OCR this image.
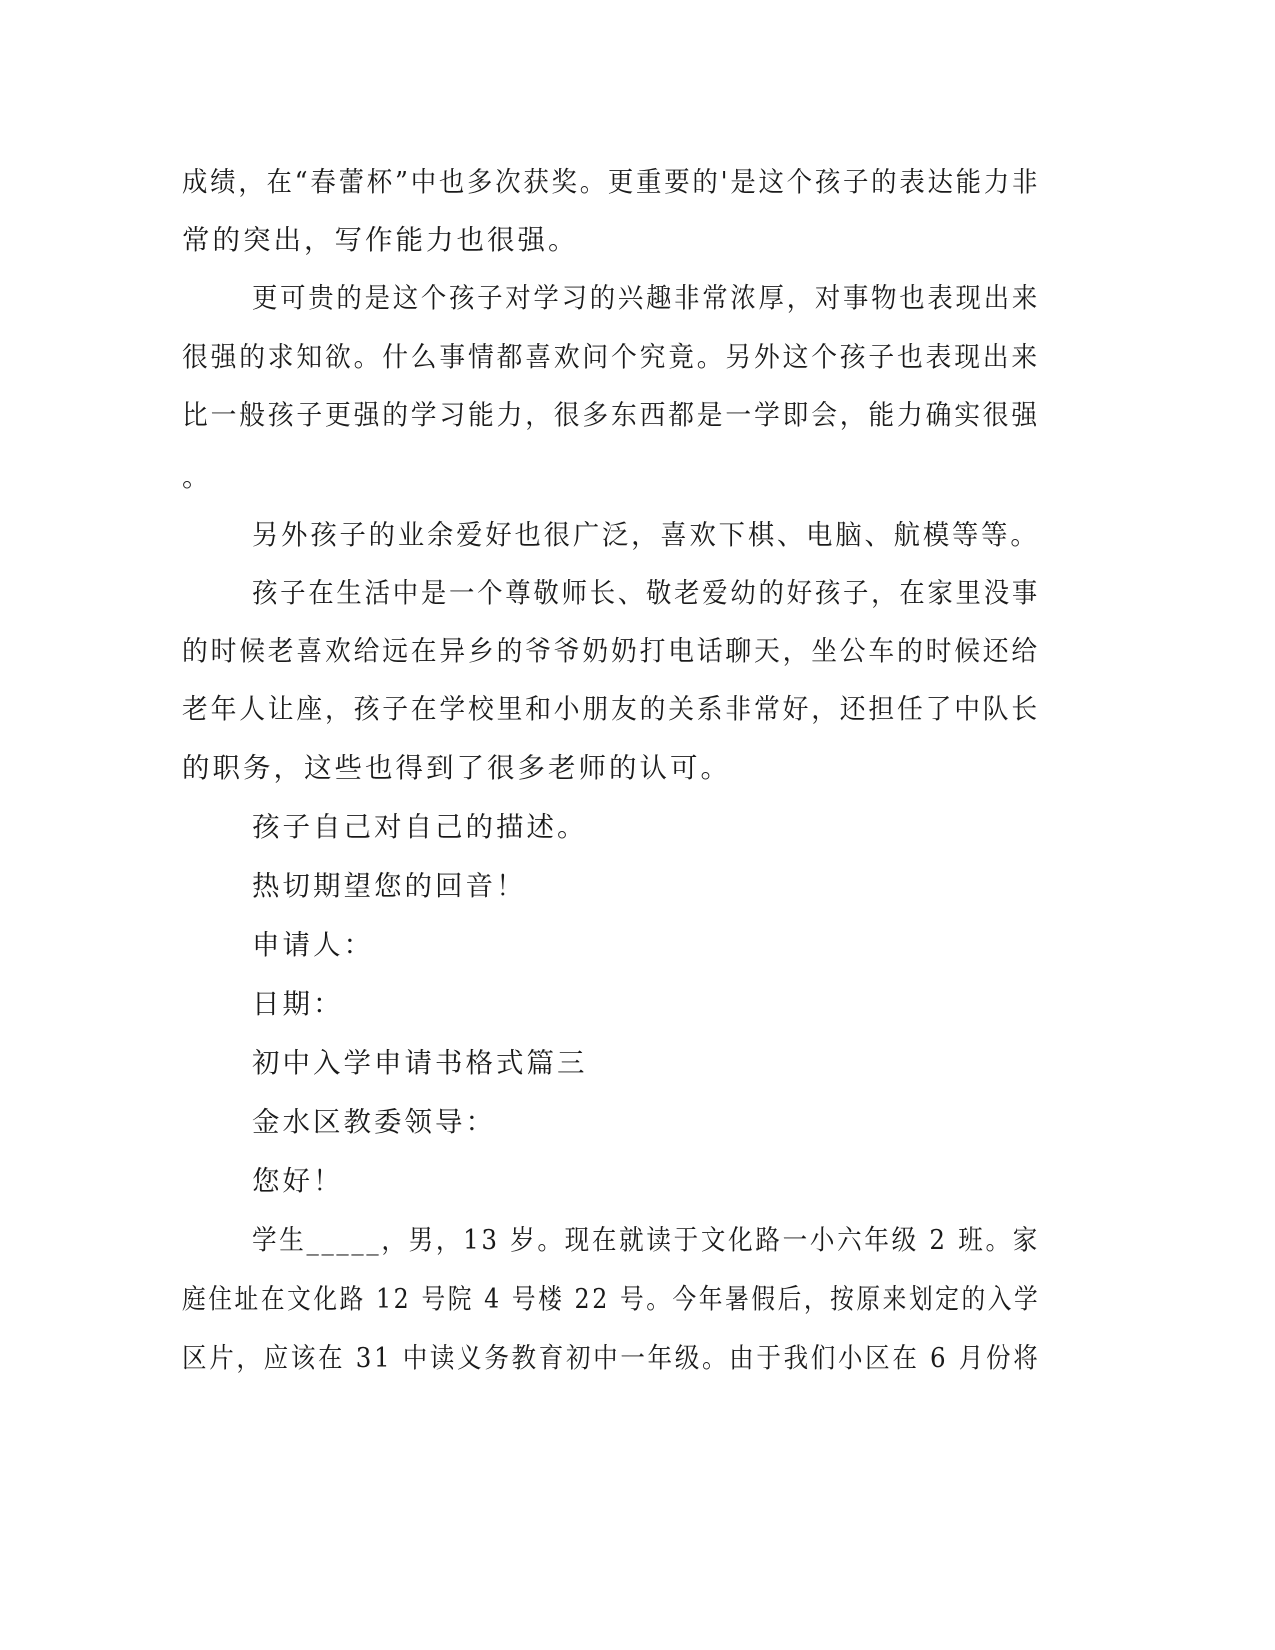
成绩，在“春蕾杯”中也多次获奖。更重要的'是这个孩子的表达能力非
常的突出，写作能力也很强。
更可贵的是这个孩子对学习的兴趣非常浓厚，对事物也表现出来
很强的求知欲。什么事情都喜欢问个究竟。另外这个孩子也表现出来
比一般孩子更强的学习能力，很多东西都是一学即会，能力确实很强
。
另外孩子的业余爱好也很广泛，喜欢下棋、电脑、航模等等。
孩子在生活中是一个尊敬师长、敬老爱幼的好孩子，在家里没事
的时候老喜欢给远在异乡的爷爷奶奶打电话聊天，坐公车的时候还给
老年人让座，孩子在学校里和小朋友的关系非常好，还担任了中队长
的职务，这些也得到了很多老师的认可。
孩子自己对自己的描述。
热切期望您的回音！
申请人：
日期：
初中入学申请书格式篇三
金水区教委领导：
您好！
学生_____，男，13 岁。现在就读于文化路一小六年级 2 班。家
庭住址在文化路 12 号院 4 号楼 22 号。今年暑假后，按原来划定的入学
区片，应该在 31 中读义务教育初中一年级。由于我们小区在 6 月份将
